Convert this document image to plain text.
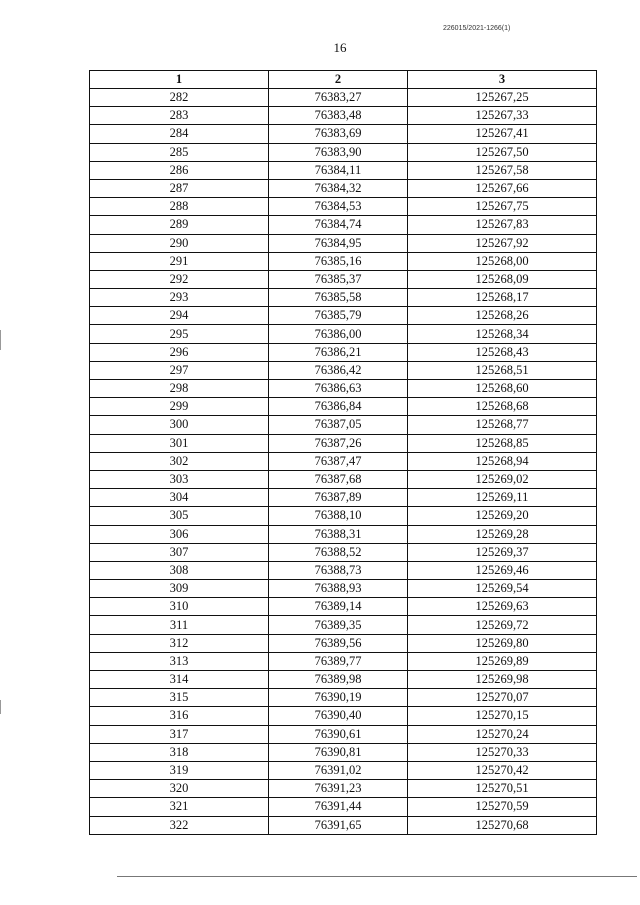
226015/2021-1266(1)
16
1	2	3
282	76383,27	125267,25
283	76383,48	125267,33
284	76383,69	125267,41
285	76383,90	125267,50
286	76384,11	125267,58
287	76384,32	125267,66
288	76384,53	125267,75
289	76384,74	125267,83
290	76384,95	125267,92
291	76385,16	125268,00
292	76385,37	125268,09
293	76385,58	125268,17
294	76385,79	125268,26
295	76386,00	125268,34
296	76386,21	125268,43
297	76386,42	125268,51
298	76386,63	125268,60
299	76386,84	125268,68
300	76387,05	125268,77
301	76387,26	125268,85
302	76387,47	125268,94
303	76387,68	125269,02
304	76387,89	125269,11
305	76388,10	125269,20
306	76388,31	125269,28
307	76388,52	125269,37
308	76388,73	125269,46
309	76388,93	125269,54
310	76389,14	125269,63
311	76389,35	125269,72
312	76389,56	125269,80
313	76389,77	125269,89
314	76389,98	125269,98
315	76390,19	125270,07
316	76390,40	125270,15
317	76390,61	125270,24
318	76390,81	125270,33
319	76391,02	125270,42
320	76391,23	125270,51
321	76391,44	125270,59
322	76391,65	125270,68
